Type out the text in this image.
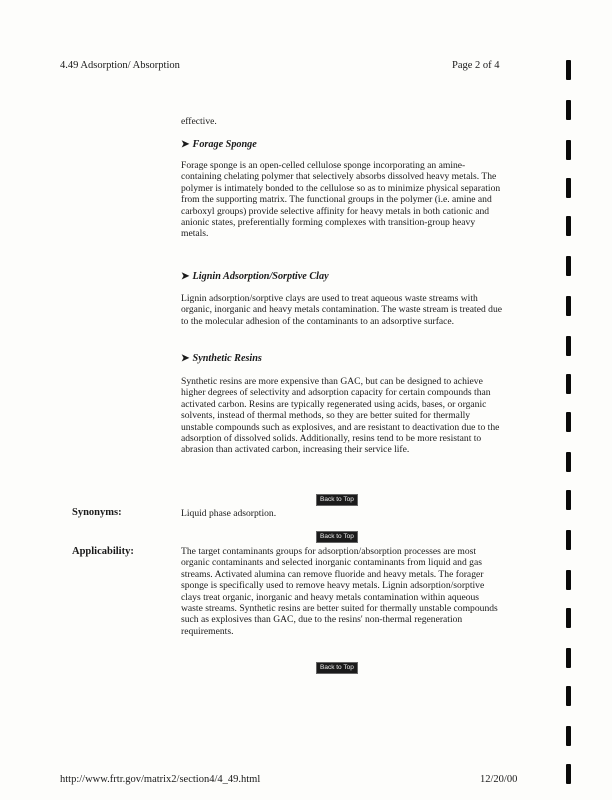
4.49 Adsorption/ Absorption	Page 2 of 4
effective.
➤ Forage Sponge
Forage sponge is an open-celled cellulose sponge incorporating an amine-containing chelating polymer that selectively absorbs dissolved heavy metals. The polymer is intimately bonded to the cellulose so as to minimize physical separation from the supporting matrix. The functional groups in the polymer (i.e. amine and carboxyl groups) provide selective affinity for heavy metals in both cationic and anionic states, preferentially forming complexes with transition-group heavy metals.
➤ Lignin Adsorption/Sorptive Clay
Lignin adsorption/sorptive clays are used to treat aqueous waste streams with organic, inorganic and heavy metals contamination. The waste stream is treated due to the molecular adhesion of the contaminants to an adsorptive surface.
➤ Synthetic Resins
Synthetic resins are more expensive than GAC, but can be designed to achieve higher degrees of selectivity and adsorption capacity for certain compounds than activated carbon. Resins are typically regenerated using acids, bases, or organic solvents, instead of thermal methods, so they are better suited for thermally unstable compounds such as explosives, and are resistant to deactivation due to the adsorption of dissolved solids. Additionally, resins tend to be more resistant to abrasion than activated carbon, increasing their service life.
Back to Top
Synonyms:	Liquid phase adsorption.
Back to Top
Applicability:	The target contaminants groups for adsorption/absorption processes are most organic contaminants and selected inorganic contaminants from liquid and gas streams. Activated alumina can remove fluoride and heavy metals. The forager sponge is specifically used to remove heavy metals. Lignin adsorption/sorptive clays treat organic, inorganic and heavy metals contamination within aqueous waste streams. Synthetic resins are better suited for thermally unstable compounds such as explosives than GAC, due to the resins' non-thermal regeneration requirements.
Back to Top
http://www.frtr.gov/matrix2/section4/4_49.html	12/20/00
